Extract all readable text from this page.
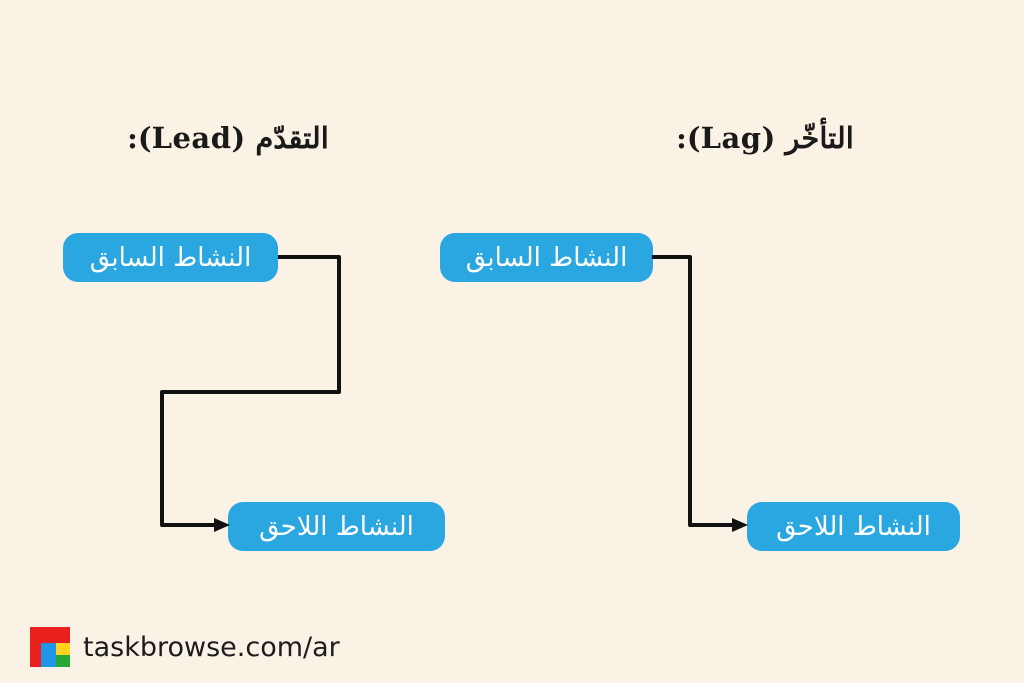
التقدّم (Lead):	التأخّر (Lag):
النشاط السابق
النشاط اللاحق
النشاط السابق
النشاط اللاحق
taskbrowse.com/ar
